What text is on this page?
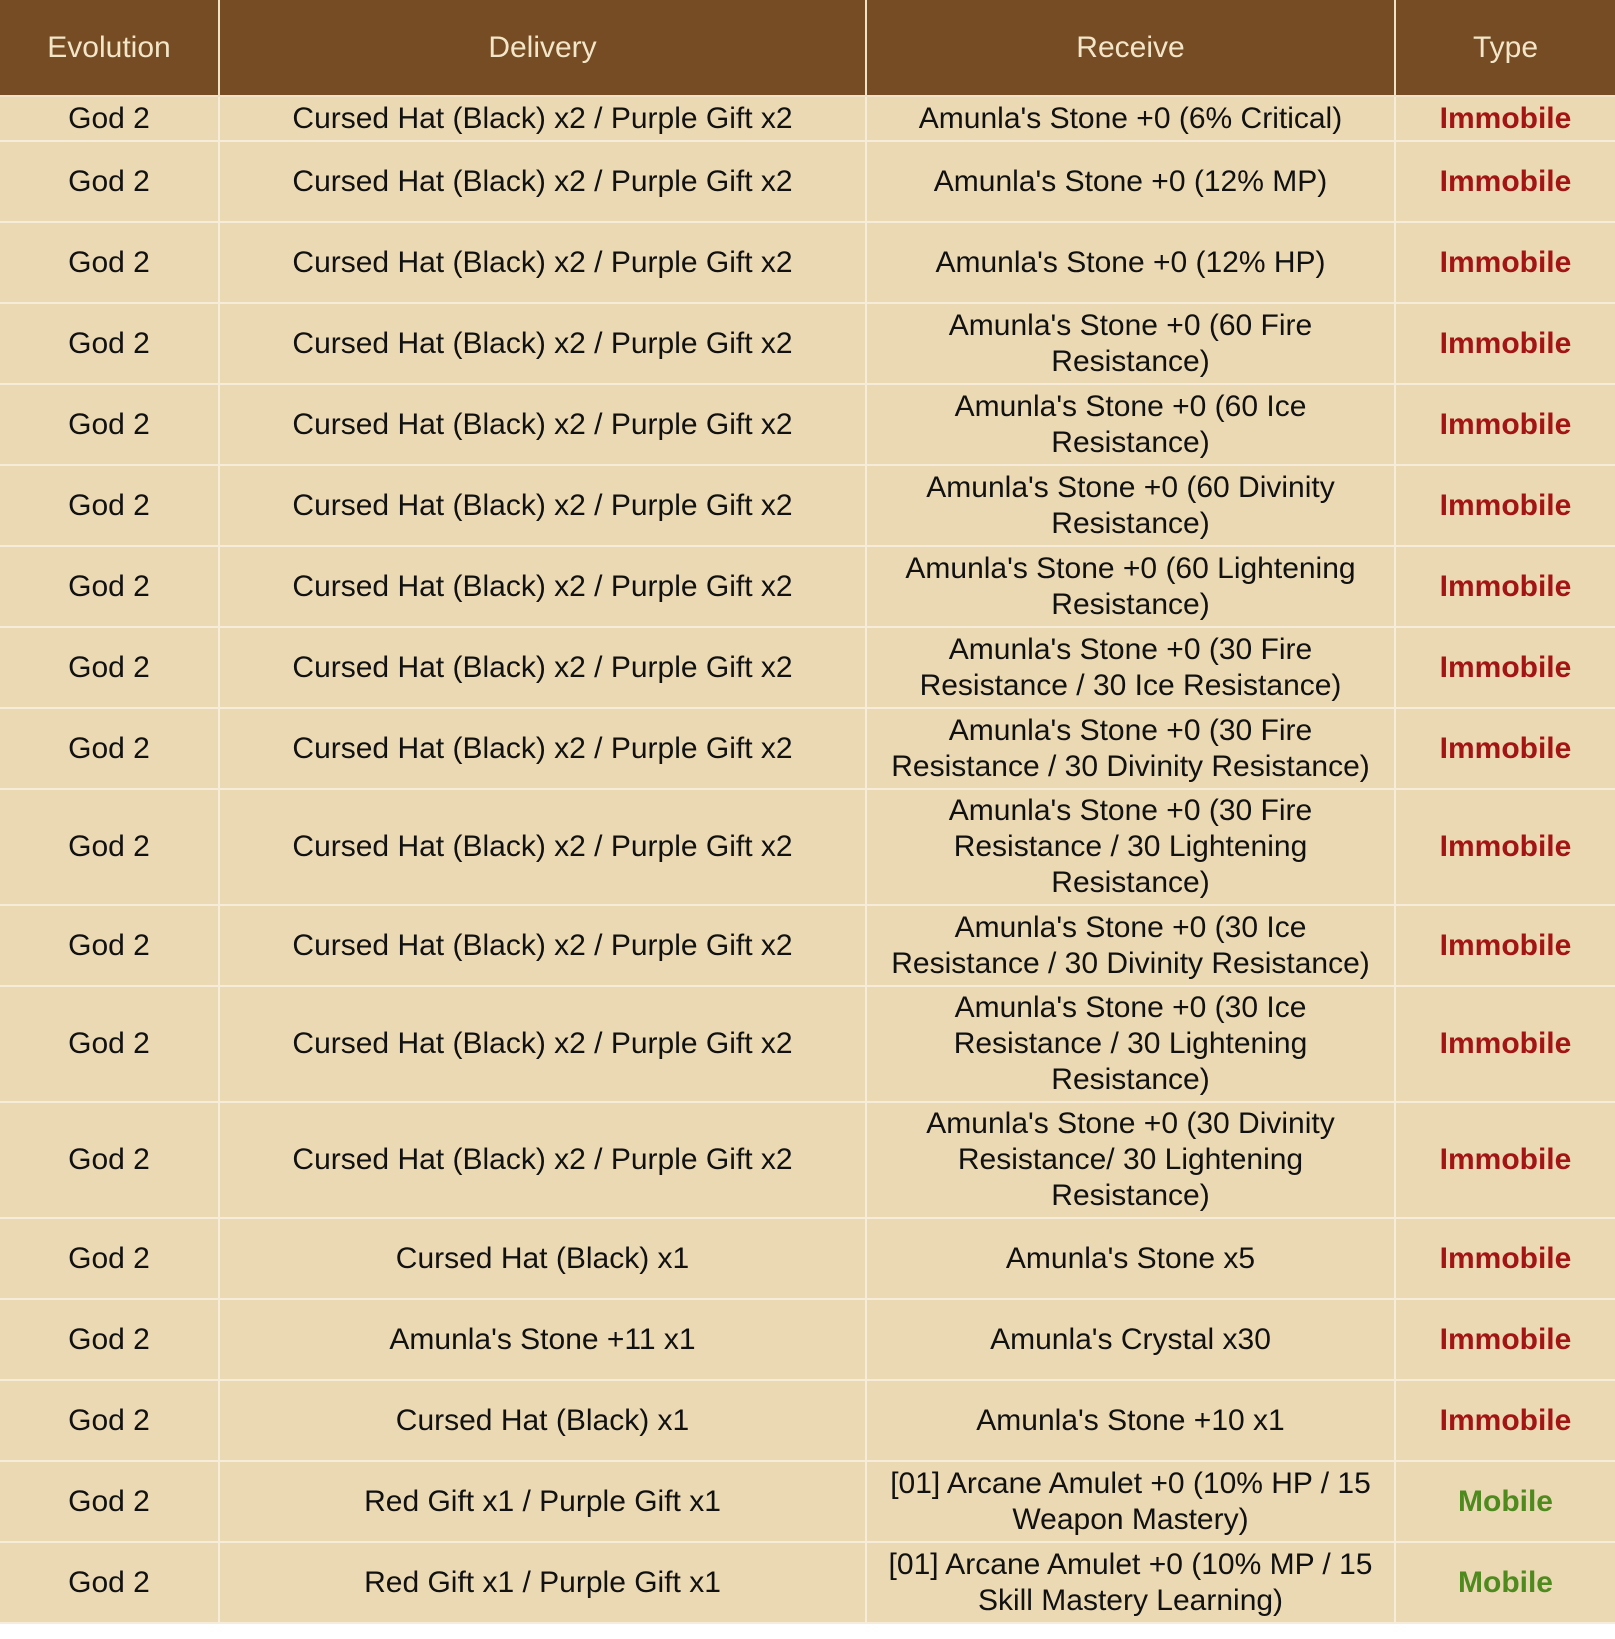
Evolution	Delivery	Receive	Type
God 2	Cursed Hat (Black) x2 / Purple Gift x2	Amunla's Stone +0 (6% Critical)	Immobile
God 2	Cursed Hat (Black) x2 / Purple Gift x2	Amunla's Stone +0 (12% MP)	Immobile
God 2	Cursed Hat (Black) x2 / Purple Gift x2	Amunla's Stone +0 (12% HP)	Immobile
God 2	Cursed Hat (Black) x2 / Purple Gift x2	Amunla's Stone +0 (60 Fire Resistance)	Immobile
God 2	Cursed Hat (Black) x2 / Purple Gift x2	Amunla's Stone +0 (60 Ice Resistance)	Immobile
God 2	Cursed Hat (Black) x2 / Purple Gift x2	Amunla's Stone +0 (60 Divinity Resistance)	Immobile
God 2	Cursed Hat (Black) x2 / Purple Gift x2	Amunla's Stone +0 (60 Lightening Resistance)	Immobile
God 2	Cursed Hat (Black) x2 / Purple Gift x2	Amunla's Stone +0 (30 Fire Resistance / 30 Ice Resistance)	Immobile
God 2	Cursed Hat (Black) x2 / Purple Gift x2	Amunla's Stone +0 (30 Fire Resistance / 30 Divinity Resistance)	Immobile
God 2	Cursed Hat (Black) x2 / Purple Gift x2	Amunla's Stone +0 (30 Fire Resistance / 30 Lightening Resistance)	Immobile
God 2	Cursed Hat (Black) x2 / Purple Gift x2	Amunla's Stone +0 (30 Ice Resistance / 30 Divinity Resistance)	Immobile
God 2	Cursed Hat (Black) x2 / Purple Gift x2	Amunla's Stone +0 (30 Ice Resistance / 30 Lightening Resistance)	Immobile
God 2	Cursed Hat (Black) x2 / Purple Gift x2	Amunla's Stone +0 (30 Divinity Resistance/ 30 Lightening Resistance)	Immobile
God 2	Cursed Hat (Black) x1	Amunla's Stone x5	Immobile
God 2	Amunla's Stone +11 x1	Amunla's Crystal x30	Immobile
God 2	Cursed Hat (Black) x1	Amunla's Stone +10 x1	Immobile
God 2	Red Gift x1 / Purple Gift x1	[01] Arcane Amulet +0 (10% HP / 15 Weapon Mastery)	Mobile
God 2	Red Gift x1 / Purple Gift x1	[01] Arcane Amulet +0 (10% MP / 15 Skill Mastery Learning)	Mobile
